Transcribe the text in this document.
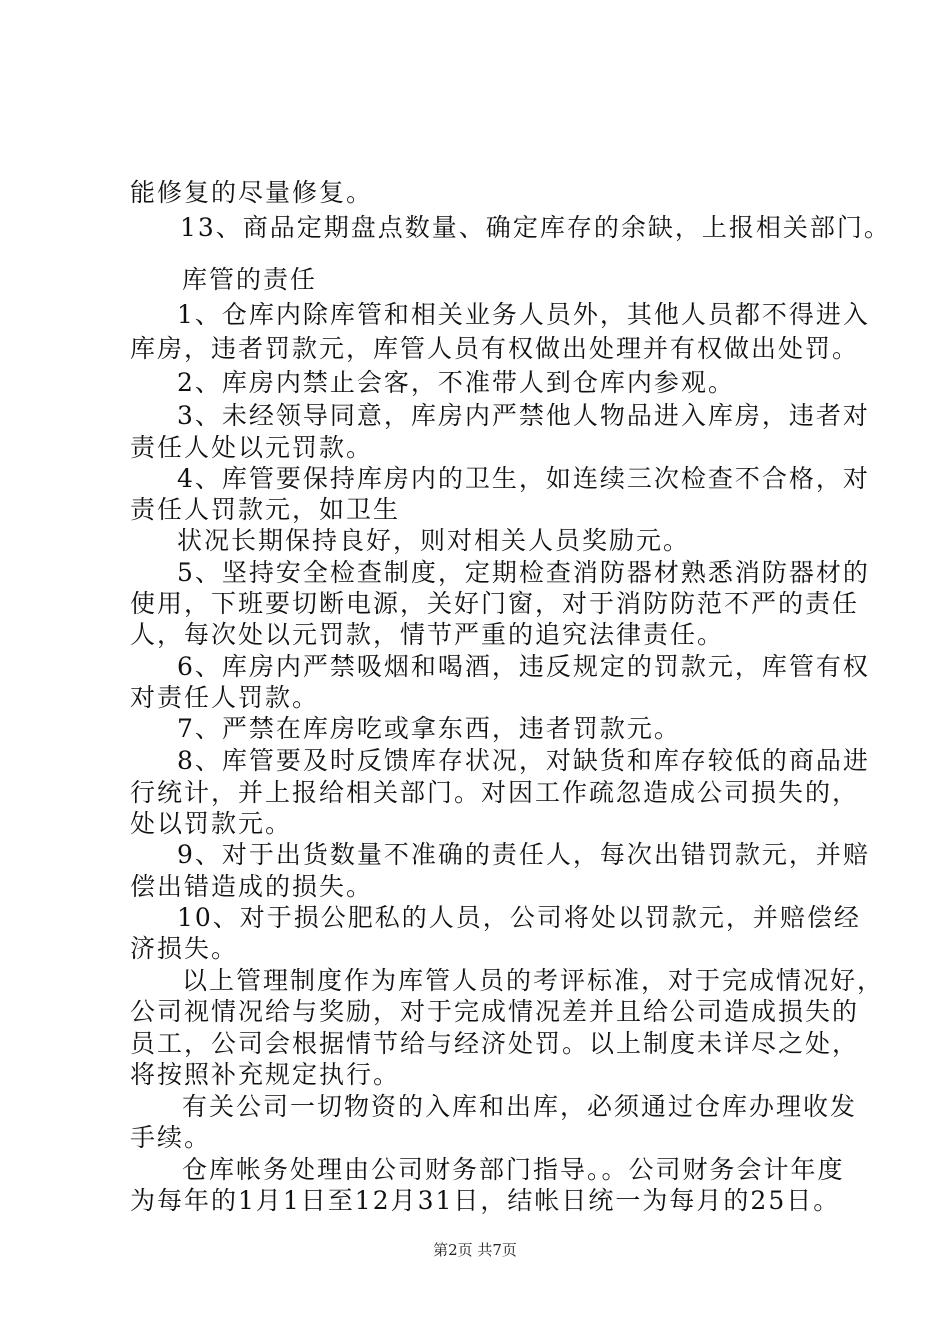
能修复的尽量修复。
13、商品定期盘点数量、确定库存的余缺，上报相关部门。
库管的责任
1、仓库内除库管和相关业务人员外，其他人员都不得进入
库房，违者罚款元，库管人员有权做出处理并有权做出处罚。
2、库房内禁止会客，不准带人到仓库内参观。
3、未经领导同意，库房内严禁他人物品进入库房，违者对
责任人处以元罚款。
4、库管要保持库房内的卫生，如连续三次检查不合格，对
责任人罚款元，如卫生
状况长期保持良好，则对相关人员奖励元。
5、坚持安全检查制度，定期检查消防器材熟悉消防器材的
使用，下班要切断电源，关好门窗，对于消防防范不严的责任
人，每次处以元罚款，情节严重的追究法律责任。
6、库房内严禁吸烟和喝酒，违反规定的罚款元，库管有权
对责任人罚款。
7、严禁在库房吃或拿东西，违者罚款元。
8、库管要及时反馈库存状况，对缺货和库存较低的商品进
行统计，并上报给相关部门。对因工作疏忽造成公司损失的，
处以罚款元。
9、对于出货数量不准确的责任人，每次出错罚款元，并赔
偿出错造成的损失。
10、对于损公肥私的人员，公司将处以罚款元，并赔偿经
济损失。
以上管理制度作为库管人员的考评标准，对于完成情况好，
公司视情况给与奖励，对于完成情况差并且给公司造成损失的
员工，公司会根据情节给与经济处罚。以上制度未详尽之处，
将按照补充规定执行。
有关公司一切物资的入库和出库，必须通过仓库办理收发
手续。
仓库帐务处理由公司财务部门指导。。公司财务会计年度
为每年的1月1日至12月31日，结帐日统一为每月的25日。
第2页 共7页
